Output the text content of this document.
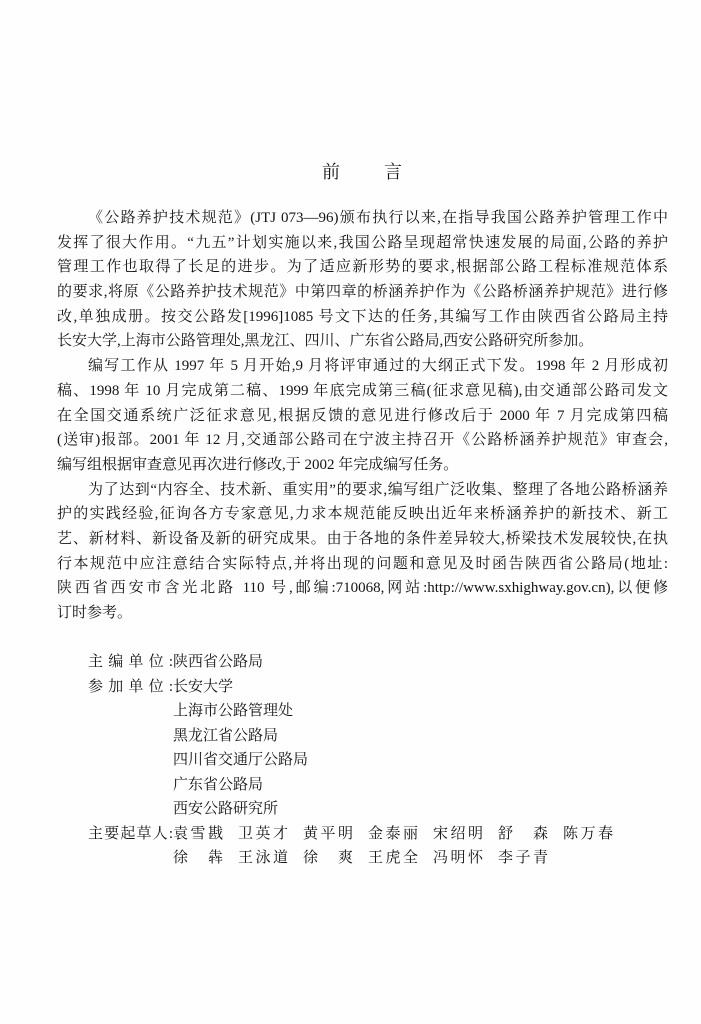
前言
《公路养护技术规范》(JTJ 073—96)颁布执行以来,在指导我国公路养护管理工作中
发挥了很大作用。“九五”计划实施以来,我国公路呈现超常快速发展的局面,公路的养护
管理工作也取得了长足的进步。为了适应新形势的要求,根据部公路工程标准规范体系
的要求,将原《公路养护技术规范》中第四章的桥涵养护作为《公路桥涵养护规范》进行修
改,单独成册。按交公路发[1996]1085 号文下达的任务,其编写工作由陕西省公路局主持
长安大学,上海市公路管理处,黑龙江、四川、广东省公路局,西安公路研究所参加。
编写工作从 1997 年 5 月开始,9 月将评审通过的大纲正式下发。1998 年 2 月形成初
稿、1998 年 10 月完成第二稿、1999 年底完成第三稿(征求意见稿),由交通部公路司发文
在全国交通系统广泛征求意见,根据反馈的意见进行修改后于 2000 年 7 月完成第四稿
(送审)报部。2001 年 12 月,交通部公路司在宁波主持召开《公路桥涵养护规范》审查会,
编写组根据审查意见再次进行修改,于 2002 年完成编写任务。
为了达到“内容全、技术新、重实用”的要求,编写组广泛收集、整理了各地公路桥涵养
护的实践经验,征询各方专家意见,力求本规范能反映出近年来桥涵养护的新技术、新工
艺、新材料、新设备及新的研究成果。由于各地的条件差异较大,桥梁技术发展较快,在执
行本规范中应注意结合实际特点,并将出现的问题和意见及时函告陕西省公路局(地址:
陕西省西安市含光北路 110 号,邮编:710068,网站:http://www.sxhighway.gov.cn),以便修
订时参考。
主编单位: 陕西省公路局
参加单位: 长安大学
上海市公路管理处
黑龙江省公路局
四川省交通厅公路局
广东省公路局
西安公路研究所
主要起草人: 袁雪戡 卫英才 黄平明 金泰丽 宋绍明 舒森 陈万春
徐犇 王泳道 徐爽 王虎全 冯明怀 李子青
